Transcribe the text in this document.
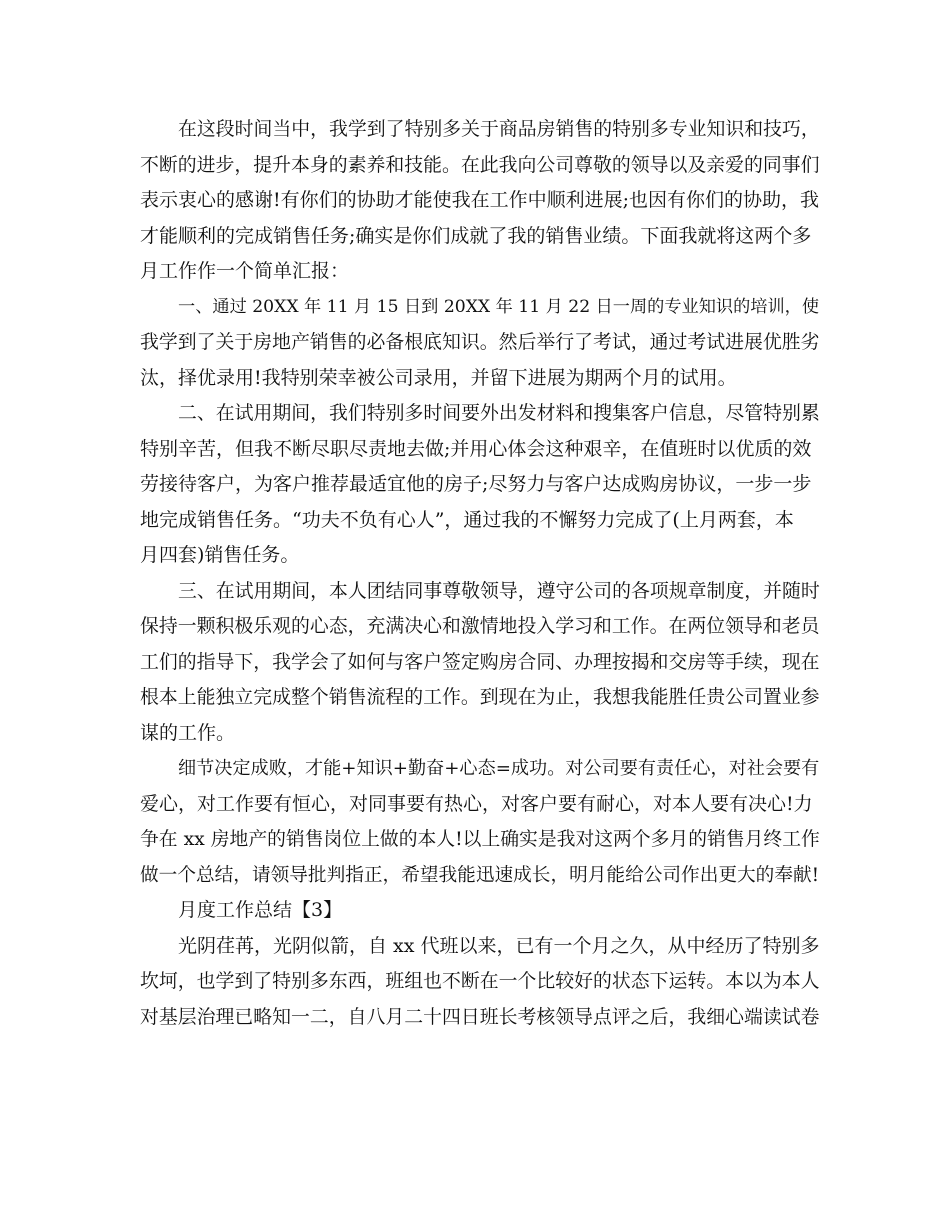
在这段时间当中，我学到了特别多关于商品房销售的特别多专业知识和技巧，
不断的进步，提升本身的素养和技能。在此我向公司尊敬的领导以及亲爱的同事们
表示衷心的感谢!有你们的协助才能使我在工作中顺利进展;也因有你们的协助，我
才能顺利的完成销售任务;确实是你们成就了我的销售业绩。下面我就将这两个多
月工作作一个简单汇报：
一、通过 20XX 年 11 月 15 日到 20XX 年 11 月 22 日一周的专业知识的培训，使
我学到了关于房地产销售的必备根底知识。然后举行了考试，通过考试进展优胜劣
汰，择优录用!我特别荣幸被公司录用，并留下进展为期两个月的试用。
二、在试用期间，我们特别多时间要外出发材料和搜集客户信息，尽管特别累
特别辛苦，但我不断尽职尽责地去做;并用心体会这种艰辛，在值班时以优质的效
劳接待客户，为客户推荐最适宜他的房子;尽努力与客户达成购房协议，一步一步
地完成销售任务。“功夫不负有心人”，通过我的不懈努力完成了(上月两套，本
月四套)销售任务。
三、在试用期间，本人团结同事尊敬领导，遵守公司的各项规章制度，并随时
保持一颗积极乐观的心态，充满决心和激情地投入学习和工作。在两位领导和老员
工们的指导下，我学会了如何与客户签定购房合同、办理按揭和交房等手续，现在
根本上能独立完成整个销售流程的工作。到现在为止，我想我能胜任贵公司置业参
谋的工作。
细节决定成败，才能+知识+勤奋+心态=成功。对公司要有责任心，对社会要有
爱心，对工作要有恒心，对同事要有热心，对客户要有耐心，对本人要有决心!力
争在 xx 房地产的销售岗位上做的本人!以上确实是我对这两个多月的销售月终工作
做一个总结，请领导批判指正，希望我能迅速成长，明月能给公司作出更大的奉献!
月度工作总结【3】
光阴荏苒，光阴似箭，自 xx 代班以来，已有一个月之久，从中经历了特别多
坎坷，也学到了特别多东西，班组也不断在一个比较好的状态下运转。本以为本人
对基层治理已略知一二，自八月二十四日班长考核领导点评之后，我细心端读试卷
